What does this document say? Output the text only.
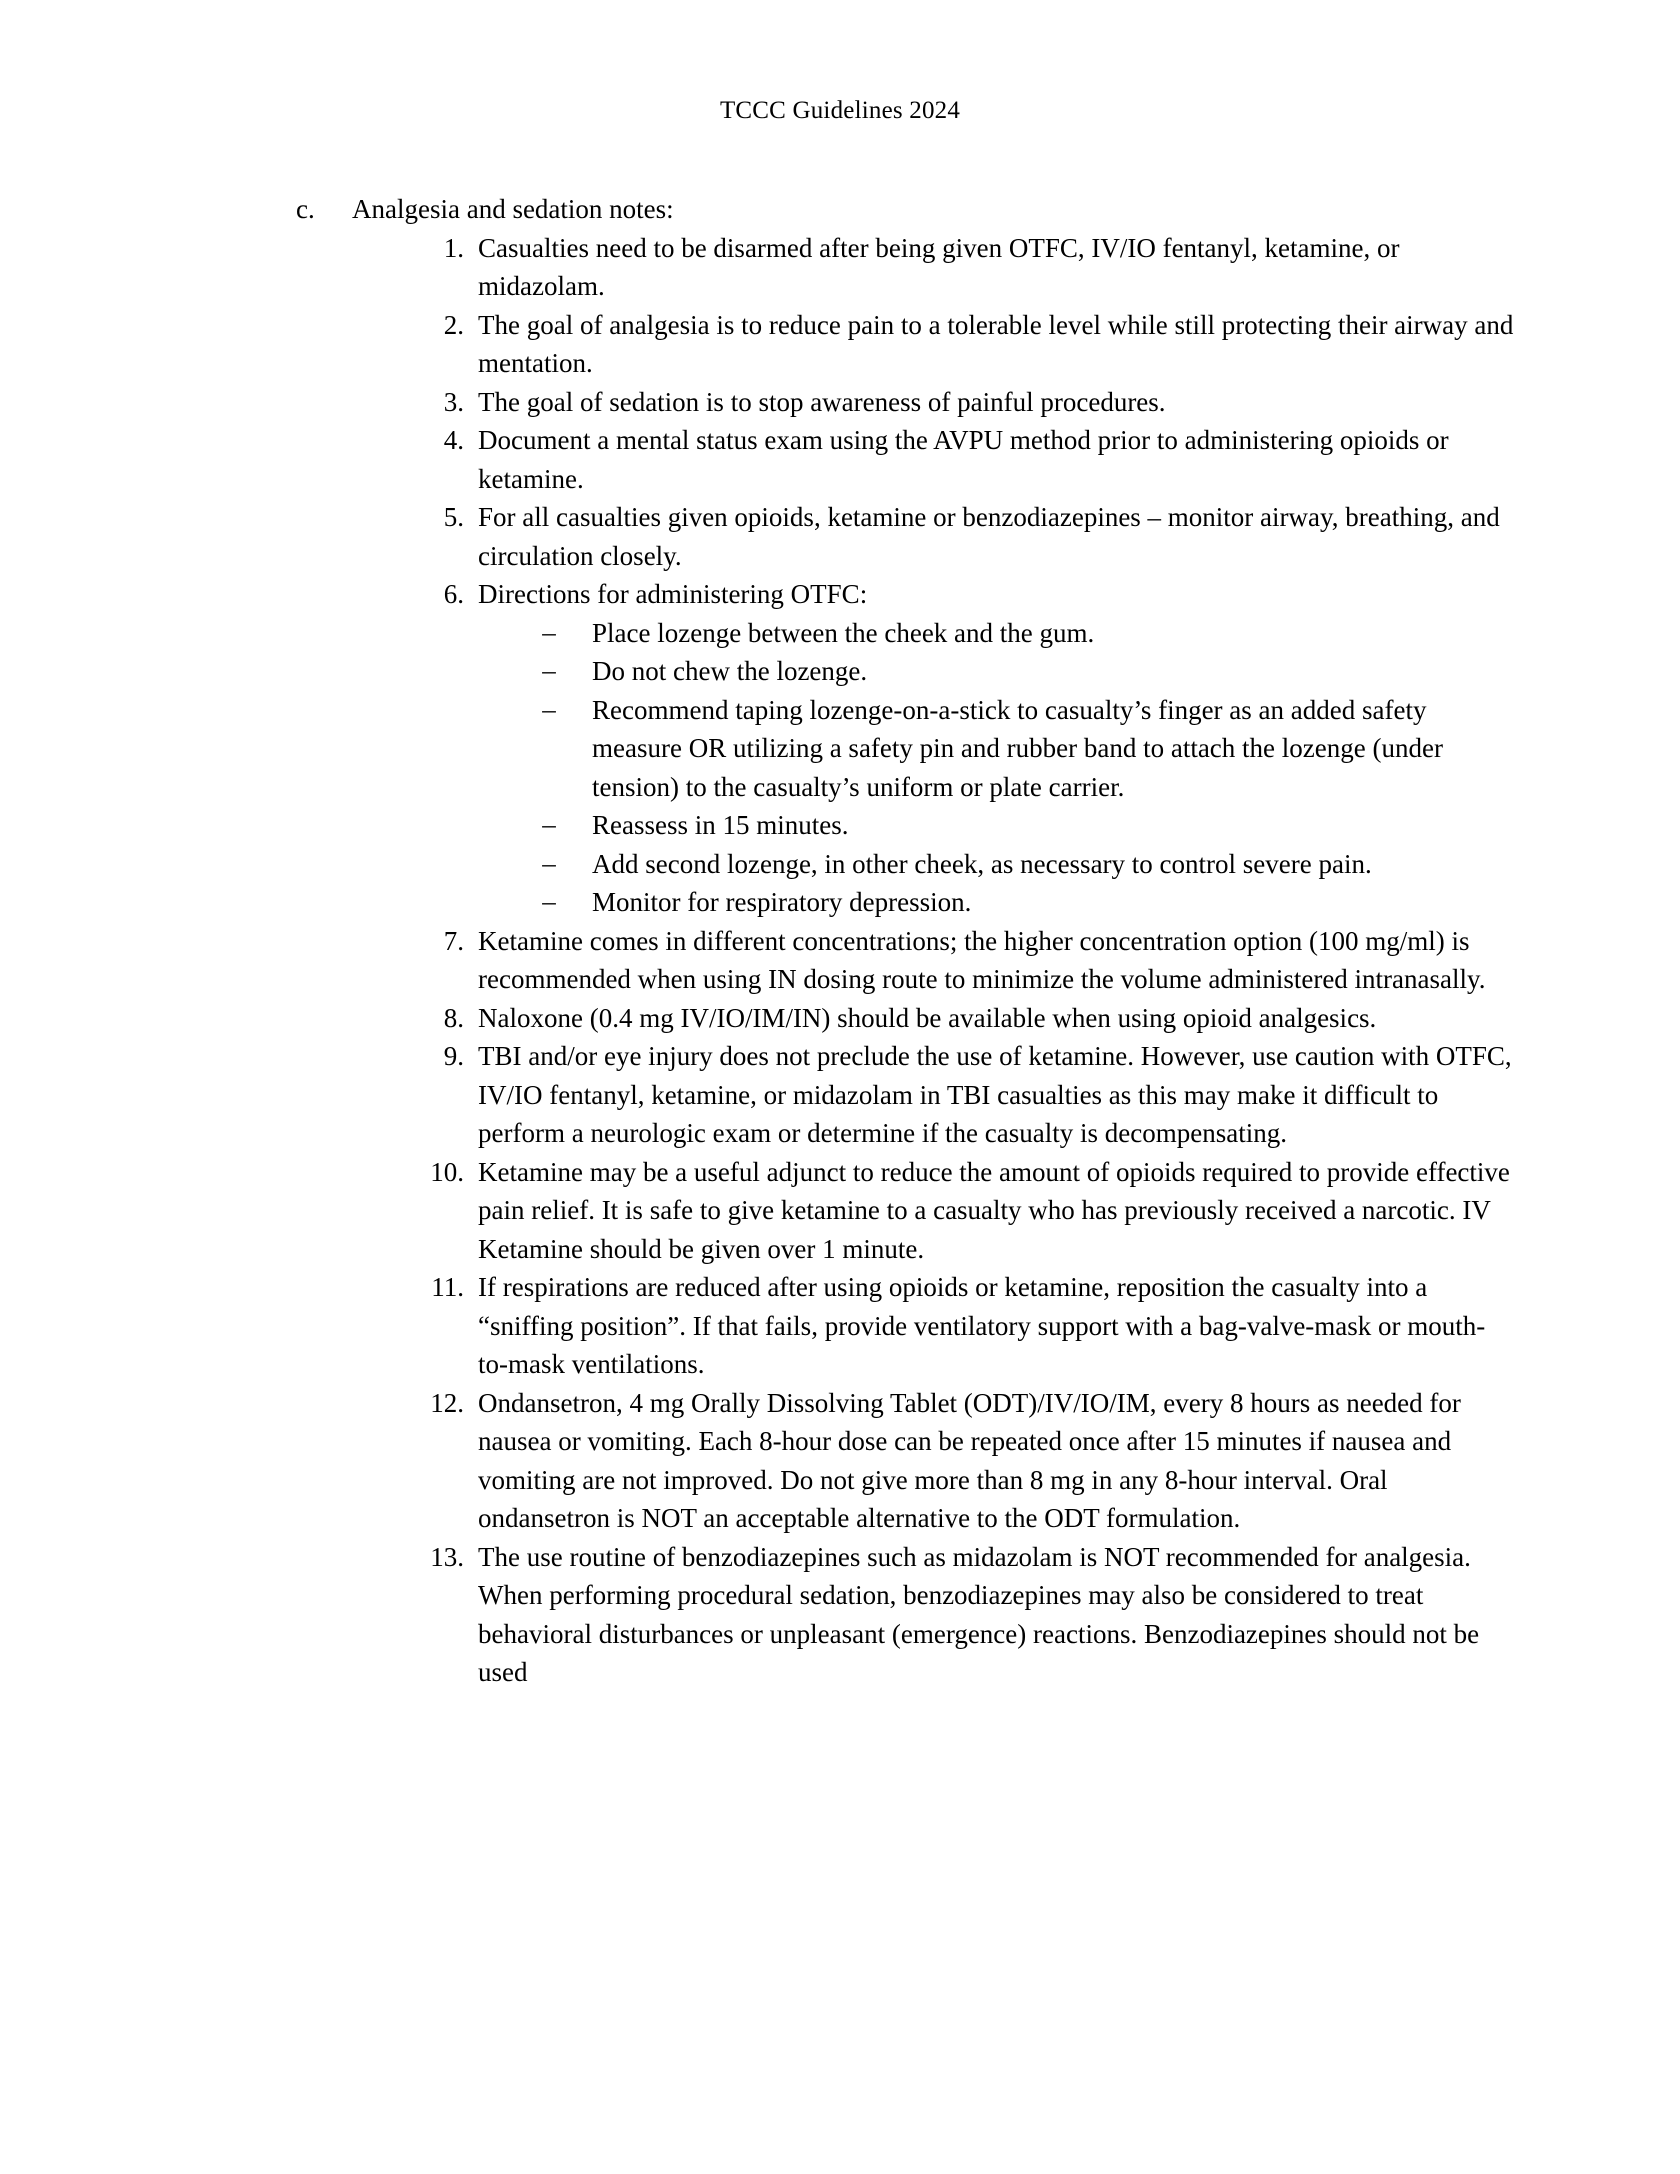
TCCC Guidelines 2024
c.	Analgesia and sedation notes:
1. Casualties need to be disarmed after being given OTFC, IV/IO fentanyl, ketamine, or midazolam.
2. The goal of analgesia is to reduce pain to a tolerable level while still protecting their airway and mentation.
3. The goal of sedation is to stop awareness of painful procedures.
4. Document a mental status exam using the AVPU method prior to administering opioids or ketamine.
5. For all casualties given opioids, ketamine or benzodiazepines – monitor airway, breathing, and circulation closely.
6. Directions for administering OTFC:
– Place lozenge between the cheek and the gum.
– Do not chew the lozenge.
– Recommend taping lozenge-on-a-stick to casualty’s finger as an added safety measure OR utilizing a safety pin and rubber band to attach the lozenge (under tension) to the casualty’s uniform or plate carrier.
– Reassess in 15 minutes.
– Add second lozenge, in other cheek, as necessary to control severe pain.
– Monitor for respiratory depression.
7. Ketamine comes in different concentrations; the higher concentration option (100 mg/ml) is recommended when using IN dosing route to minimize the volume administered intranasally.
8. Naloxone (0.4 mg IV/IO/IM/IN) should be available when using opioid analgesics.
9. TBI and/or eye injury does not preclude the use of ketamine. However, use caution with OTFC, IV/IO fentanyl, ketamine, or midazolam in TBI casualties as this may make it difficult to perform a neurologic exam or determine if the casualty is decompensating.
10. Ketamine may be a useful adjunct to reduce the amount of opioids required to provide effective pain relief. It is safe to give ketamine to a casualty who has previously received a narcotic. IV Ketamine should be given over 1 minute.
11. If respirations are reduced after using opioids or ketamine, reposition the casualty into a “sniffing position”. If that fails, provide ventilatory support with a bag-valve-mask or mouth-to-mask ventilations.
12. Ondansetron, 4 mg Orally Dissolving Tablet (ODT)/IV/IO/IM, every 8 hours as needed for nausea or vomiting. Each 8-hour dose can be repeated once after 15 minutes if nausea and vomiting are not improved. Do not give more than 8 mg in any 8-hour interval. Oral ondansetron is NOT an acceptable alternative to the ODT formulation.
13. The use routine of benzodiazepines such as midazolam is NOT recommended for analgesia. When performing procedural sedation, benzodiazepines may also be considered to treat behavioral disturbances or unpleasant (emergence) reactions. Benzodiazepines should not be used
